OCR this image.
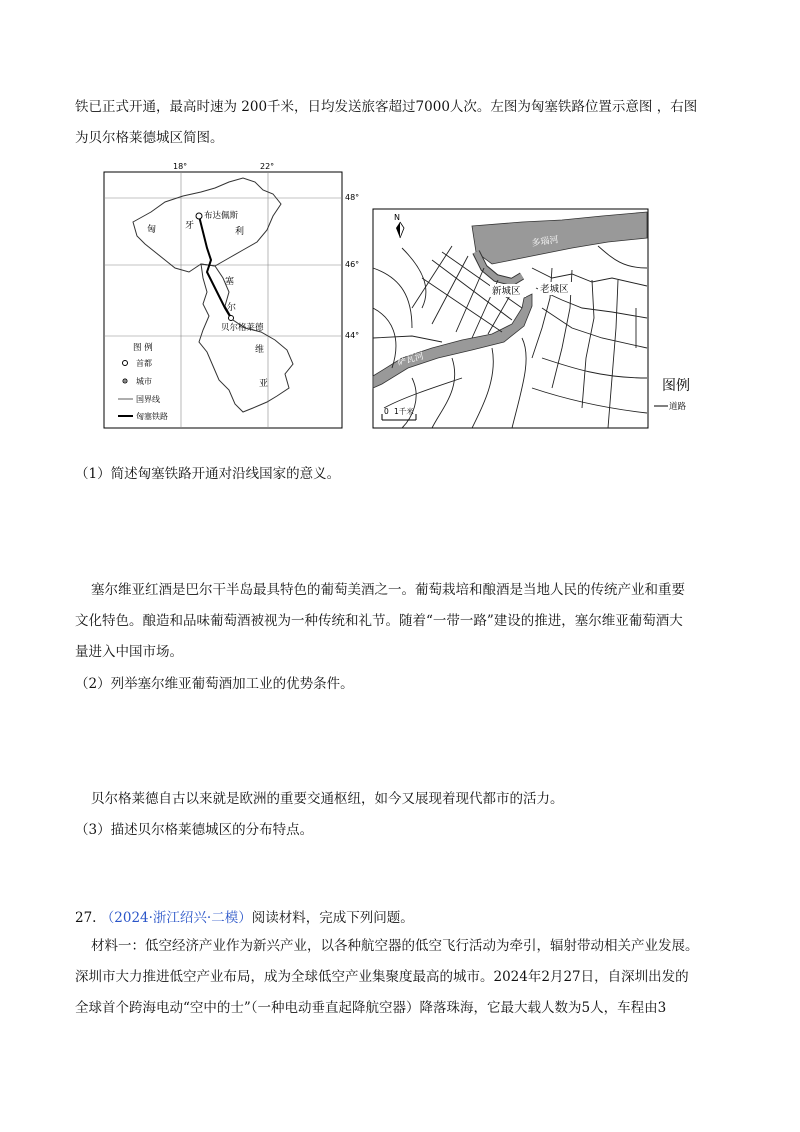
铁已正式开通，最高时速为 200千米，日均发送旅客超过7000人次。左图为匈塞铁路位置示意图 ，右图
为贝尔格莱德城区简图。
18°	22°
48°
46°
44°
布达佩斯
贝尔格莱德
匈	牙
利
塞
尔
维
亚
图 例
首都
城市
国界线
匈塞铁路
N
多瑙河
萨瓦河
新城区 老城区
0 1千米
图例
道路
（1）简述匈塞铁路开通对沿线国家的意义。
塞尔维亚红酒是巴尔干半岛最具特色的葡萄美酒之一。葡萄栽培和酿酒是当地人民的传统产业和重要
文化特色。酿造和品味葡萄酒被视为一种传统和礼节。随着“一带一路”建设的推进，塞尔维亚葡萄酒大
量进入中国市场。
（2）列举塞尔维亚葡萄酒加工业的优势条件。
贝尔格莱德自古以来就是欧洲的重要交通枢纽，如今又展现着现代都市的活力。
（3）描述贝尔格莱德城区的分布特点。
27. （2024·浙江绍兴·二模）阅读材料，完成下列问题。
材料一：低空经济产业作为新兴产业，以各种航空器的低空飞行活动为牵引，辐射带动相关产业发展。
深圳市大力推进低空产业布局，成为全球低空产业集聚度最高的城市。2024年2月27日，自深圳出发的
全球首个跨海电动“空中的士”（一种电动垂直起降航空器）降落珠海，它最大载人数为5人，车程由3
